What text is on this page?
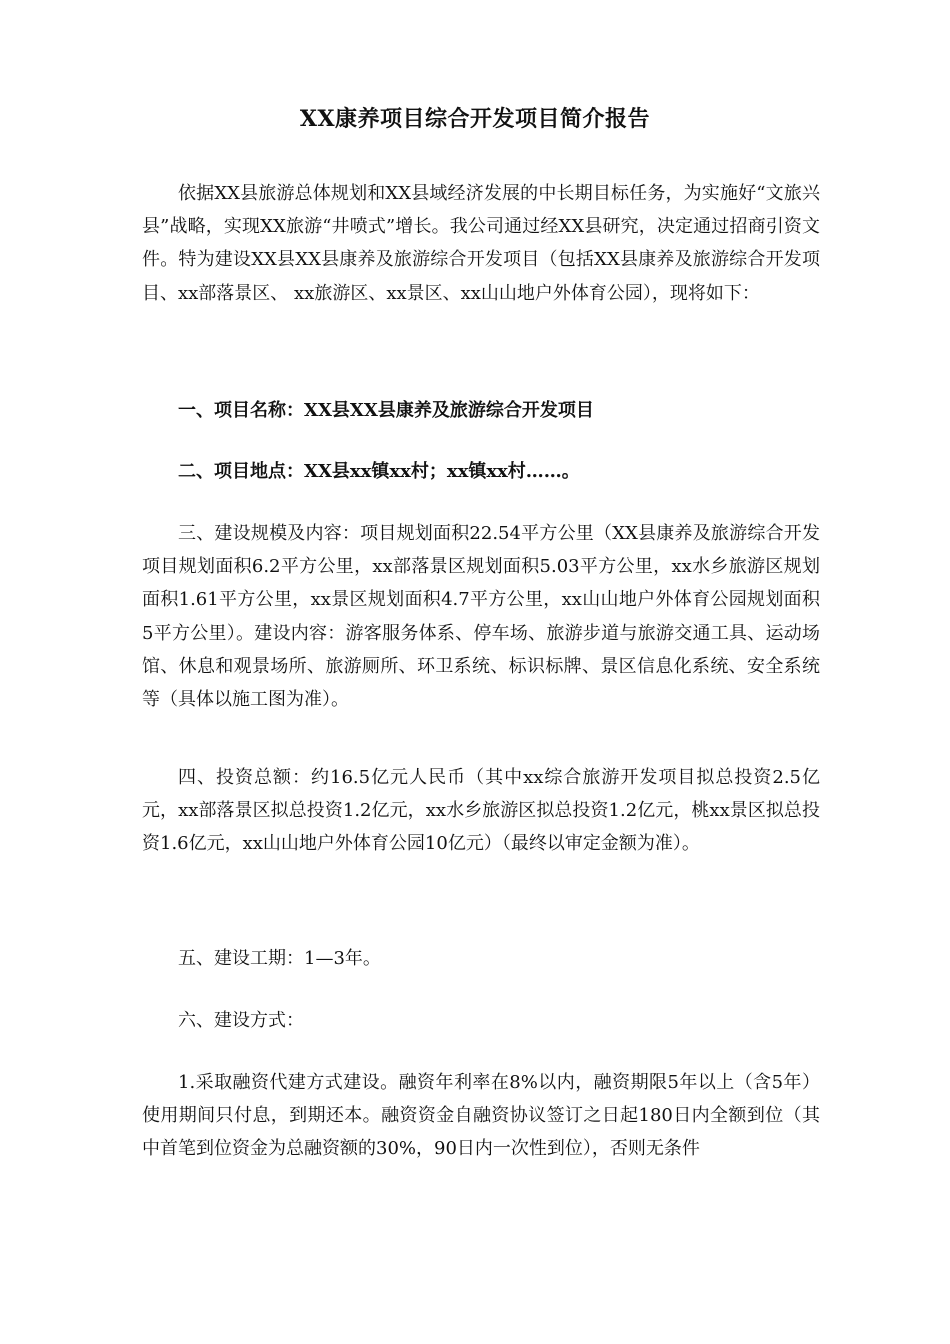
XX康养项目综合开发项目简介报告

依据XX县旅游总体规划和XX县域经济发展的中长期目标任务，为实施好“文旅兴县”战略，实现XX旅游“井喷式”增长。我公司通过经XX县研究，决定通过招商引资文件。特为建设XX县XX县康养及旅游综合开发项目（包括XX县康养及旅游综合开发项目、xx部落景区、 xx旅游区、xx景区、xx山山地户外体育公园），现将如下：

一、项目名称：XX县XX县康养及旅游综合开发项目

二、项目地点：XX县xx镇xx村；xx镇xx村……。

三、建设规模及内容：项目规划面积22.54平方公里（XX县康养及旅游综合开发项目规划面积6.2平方公里，xx部落景区规划面积5.03平方公里，xx水乡旅游区规划面积1.61平方公里，xx景区规划面积4.7平方公里，xx山山地户外体育公园规划面积5平方公里）。建设内容：游客服务体系、停车场、旅游步道与旅游交通工具、运动场馆、休息和观景场所、旅游厕所、环卫系统、标识标牌、景区信息化系统、安全系统等（具体以施工图为准）。

四、投资总额：约16.5亿元人民币（其中xx综合旅游开发项目拟总投资2.5亿元，xx部落景区拟总投资1.2亿元，xx水乡旅游区拟总投资1.2亿元，桃xx景区拟总投资1.6亿元，xx山山地户外体育公园10亿元）（最终以审定金额为准）。

五、建设工期：1—3年。

六、建设方式：

1.采取融资代建方式建设。融资年利率在8%以内，融资期限5年以上（含5年）使用期间只付息，到期还本。融资资金自融资协议签订之日起180日内全额到位（其中首笔到位资金为总融资额的30%，90日内一次性到位），否则无条件
